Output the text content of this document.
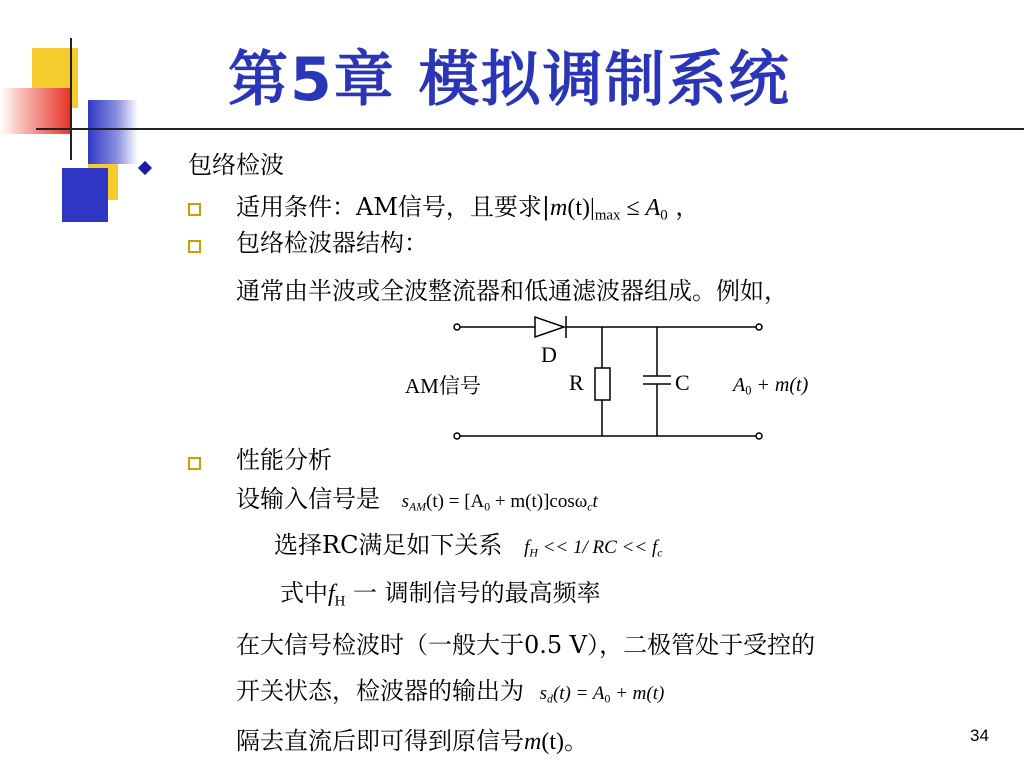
第5章 模拟调制系统
包络检波
适用条件：AM信号，且要求$|m(t)|_{max} \le A_0$ ，
包络检波器结构：
通常由半波或全波整流器和低通滤波器组成。例如，
D
AM信号	R	C $A_0 + m(t)$
性能分析
设输入信号是 $s_{AM}(t) = [A_0 + m(t)]\cos\omega_ct$
选择RC满足如下关系 $f_H << 1/$ RC << $f_c$
式中$f_H$ 一 调制信号的最高频率
在大信号检波时（一般大于0.5 V），二极管处于受控的
开关状态，检波器的输出为 $s_d(t) = A_0 + m(t)$
隔去直流后即可得到原信号m(t)。	34
